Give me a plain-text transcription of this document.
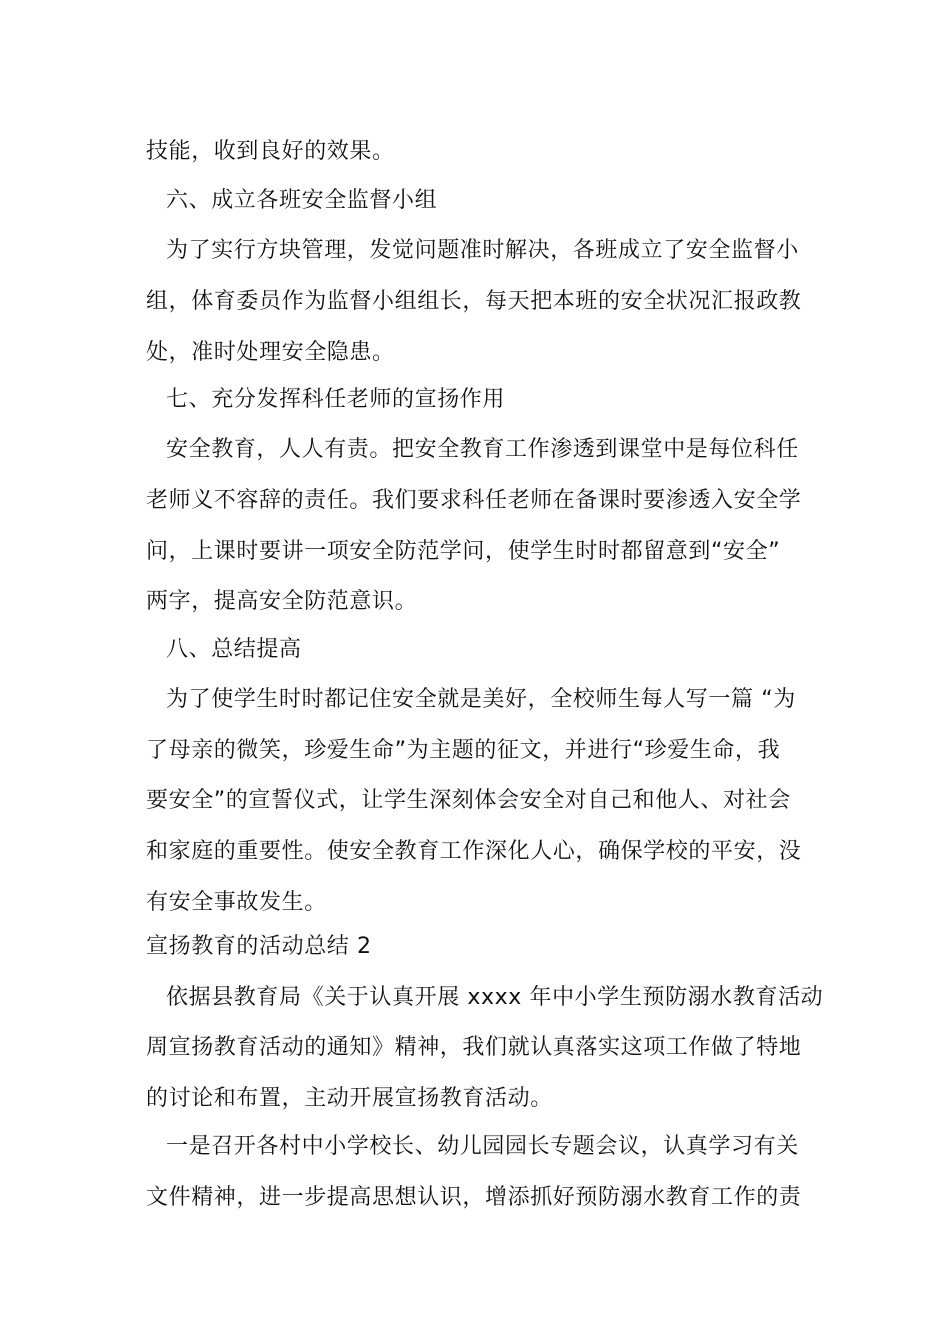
技能，收到良好的效果。
六、成立各班安全监督小组
为了实行方块管理，发觉问题准时解决，各班成立了安全监督小
组，体育委员作为监督小组组长，每天把本班的安全状况汇报政教
处，准时处理安全隐患。
七、充分发挥科任老师的宣扬作用
安全教育，人人有责。把安全教育工作渗透到课堂中是每位科任
老师义不容辞的责任。我们要求科任老师在备课时要渗透入安全学
问，上课时要讲一项安全防范学问，使学生时时都留意到“安全”
两字，提高安全防范意识。
八、总结提高
为了使学生时时都记住安全就是美好，全校师生每人写一篇 “为
了母亲的微笑，珍爱生命”为主题的征文，并进行“珍爱生命，我
要安全”的宣誓仪式，让学生深刻体会安全对自己和他人、对社会
和家庭的重要性。使安全教育工作深化人心，确保学校的平安，没
有安全事故发生。
宣扬教育的活动总结 2
依据县教育局《关于认真开展 xxxx 年中小学生预防溺水教育活动
周宣扬教育活动的通知》精神，我们就认真落实这项工作做了特地
的讨论和布置，主动开展宣扬教育活动。
一是召开各村中小学校长、幼儿园园长专题会议，认真学习有关
文件精神，进一步提高思想认识，增添抓好预防溺水教育工作的责
